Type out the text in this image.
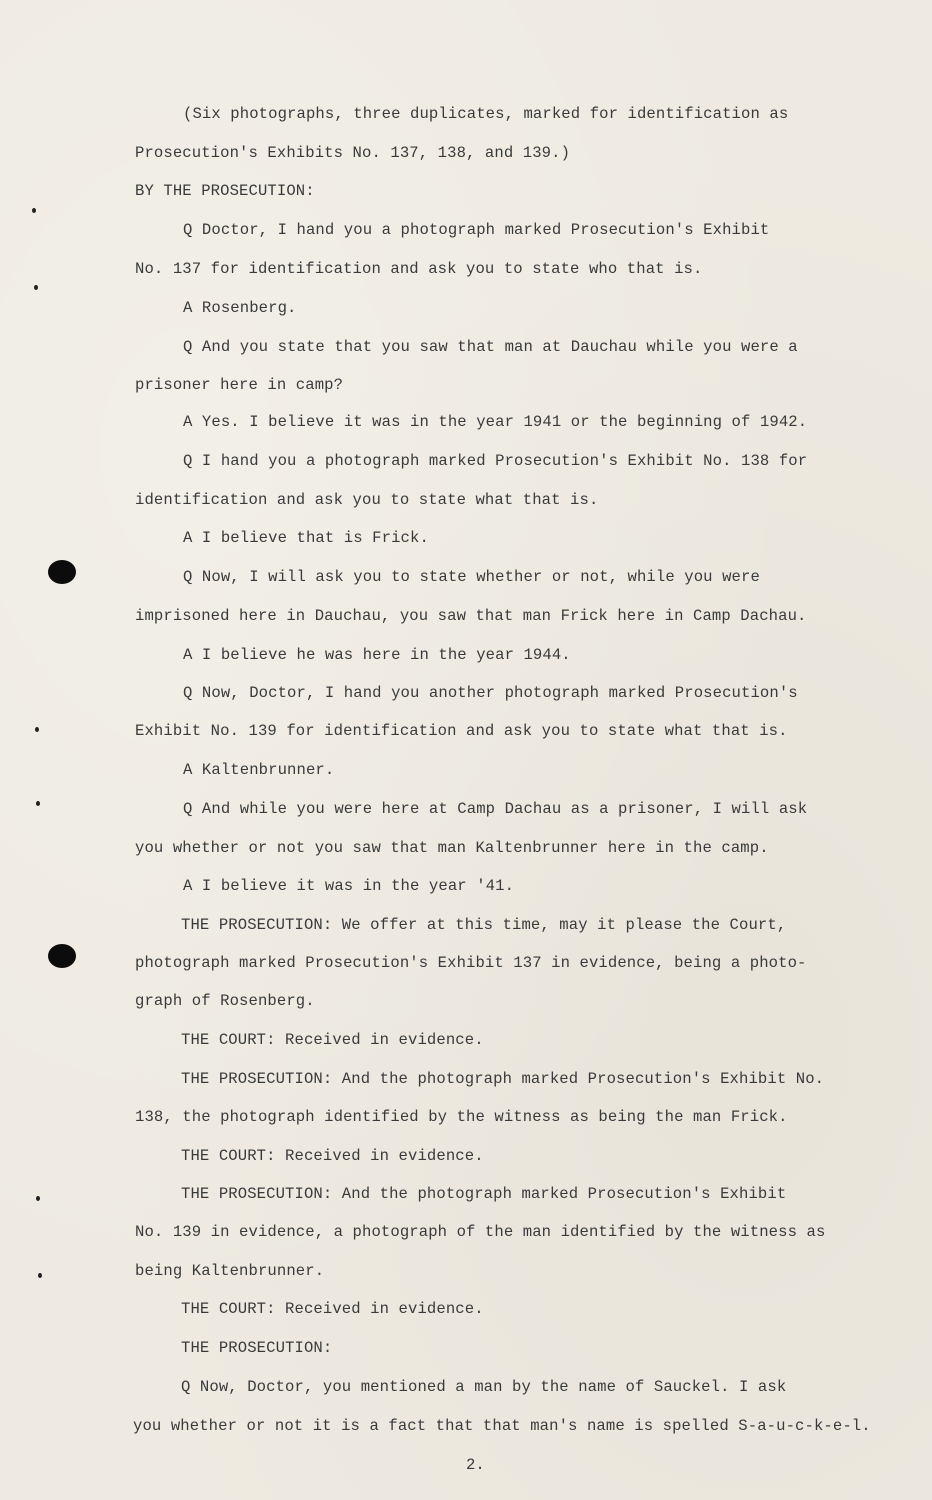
(Six photographs, three duplicates, marked for identification as
Prosecution's Exhibits No. 137, 138, and 139.)
BY THE PROSECUTION:
Q Doctor, I hand you a photograph marked Prosecution's Exhibit
No. 137 for identification and ask you to state who that is.
A Rosenberg.
Q And you state that you saw that man at Dauchau while you were a
prisoner here in camp?
A Yes. I believe it was in the year 1941 or the beginning of 1942.
Q I hand you a photograph marked Prosecution's Exhibit No. 138 for
identification and ask you to state what that is.
A I believe that is Frick.
Q Now, I will ask you to state whether or not, while you were
imprisoned here in Dauchau, you saw that man Frick here in Camp Dachau.
A I believe he was here in the year 1944.
Q Now, Doctor, I hand you another photograph marked Prosecution's
Exhibit No. 139 for identification and ask you to state what that is.
A Kaltenbrunner.
Q And while you were here at Camp Dachau as a prisoner, I will ask
you whether or not you saw that man Kaltenbrunner here in the camp.
A I believe it was in the year '41.
THE PROSECUTION: We offer at this time, may it please the Court,
photograph marked Prosecution's Exhibit 137 in evidence, being a photo-
graph of Rosenberg.
THE COURT: Received in evidence.
THE PROSECUTION: And the photograph marked Prosecution's Exhibit No.
138, the photograph identified by the witness as being the man Frick.
THE COURT: Received in evidence.
THE PROSECUTION: And the photograph marked Prosecution's Exhibit
No. 139 in evidence, a photograph of the man identified by the witness as
being Kaltenbrunner.
THE COURT: Received in evidence.
THE PROSECUTION:
Q Now, Doctor, you mentioned a man by the name of Sauckel. I ask
you whether or not it is a fact that that man's name is spelled S-a-u-c-k-e-l.
2.
